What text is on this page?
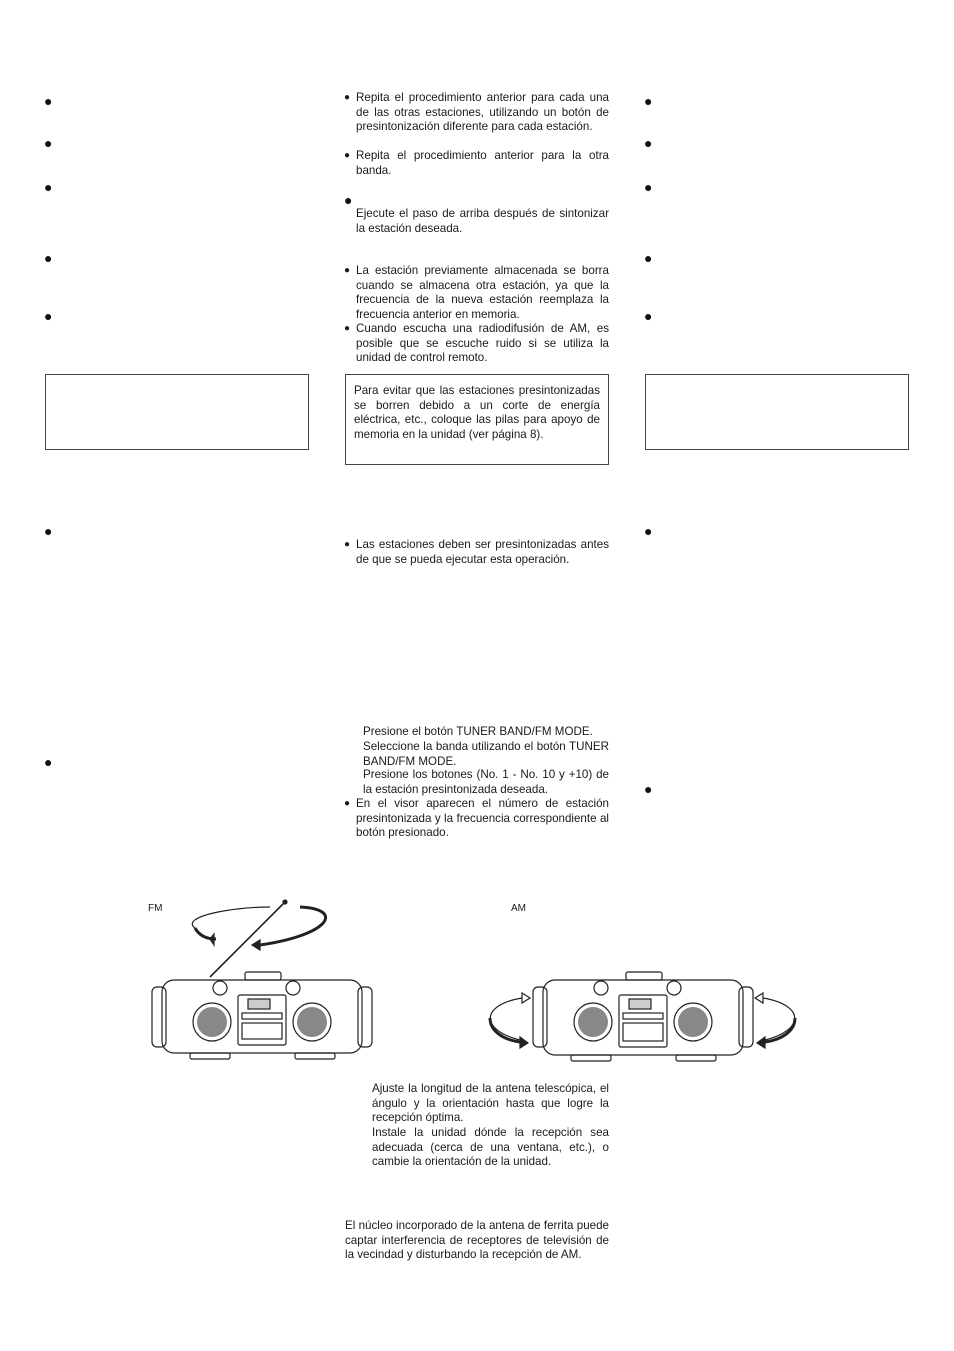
●
●
●
●
●
●
●
●
●
●
●
●
●
●
● Repita el procedimiento anterior para cada una de las otras estaciones, utilizando un botón de presintonización diferente para cada estación.
● Repita el procedimiento anterior para la otra banda.
●
Ejecute el paso de arriba después de sintonizar la estación deseada.
● La estación previamente almacenada se borra cuando se almacena otra estación, ya que la frecuencia de la nueva estación reemplaza la frecuencia anterior en memoria.
● Cuando escucha una radiodifusión de AM, es posible que se escuche ruido si se utiliza la unidad de control remoto.
Para evitar que las estaciones presintonizadas se borren debido a un corte de energía eléctrica, etc., coloque las pilas para apoyo de memoria en la unidad (ver página 8).
● Las estaciones deben ser presintonizadas antes de que se pueda ejecutar esta operación.
Presione el botón TUNER BAND/FM MODE.
Seleccione la banda utilizando el botón TUNER BAND/FM MODE.
Presione los botones (No. 1 - No. 10 y +10) de la estación presintonizada deseada.
● En el visor aparecen el número de estación presintonizada y la frecuencia correspondiente al botón presionado.
FM	AM
Ajuste la longitud de la antena telescópica, el ángulo y la orientación hasta que logre la recepción óptima.
Instale la unidad dónde la recepción sea adecuada (cerca de una ventana, etc.), o cambie la orientación de la unidad.
El núcleo incorporado de la antena de ferrita puede captar interferencia de receptores de televisión de la vecindad y disturbando la recepción de AM.
